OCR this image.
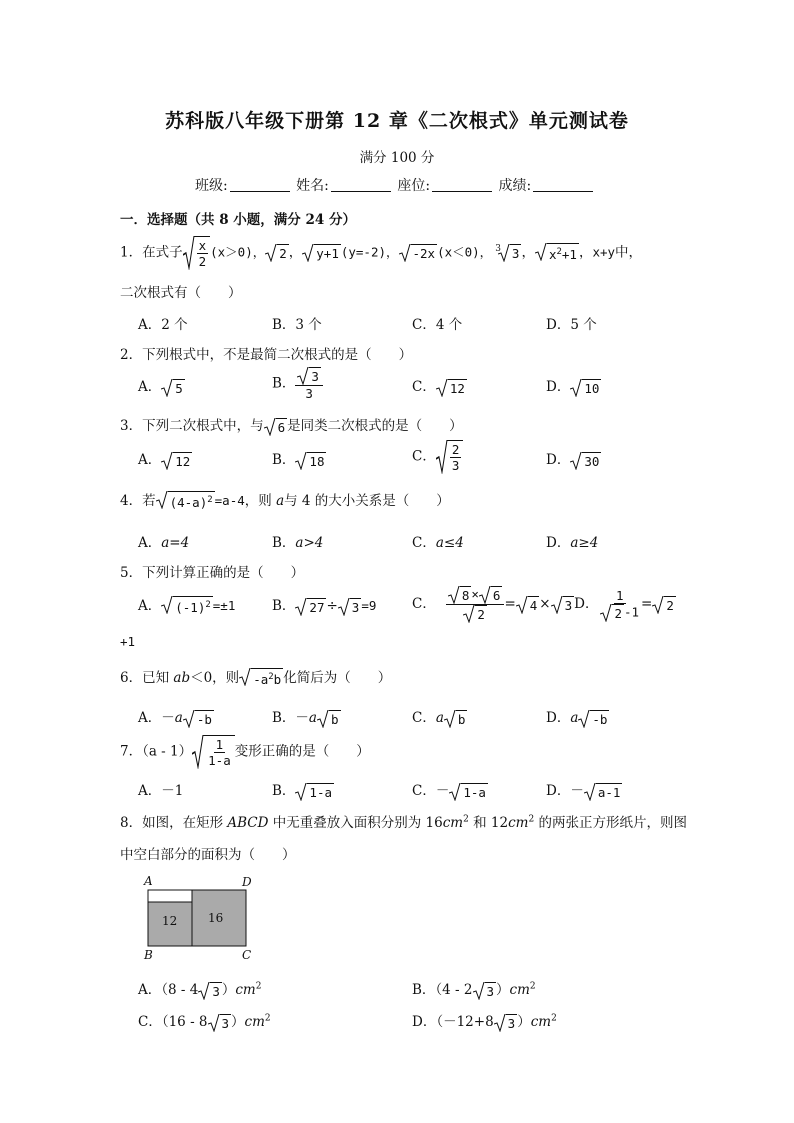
苏科版八年级下册第 12 章《二次根式》单元测试卷
满分 100 分
班级:	姓名:	座位:	成绩:
一．选择题（共 8 小题，满分 24 分）
1．在式子 $\frac{x}{2} (x>0)$， 2 ， y+1 (y=-2)， -2x (x＜0)， $^3$ 3 ， $x^2+1$ ，x+y中，
二次根式有（　　）
A．2 个	B．3 个	C．4 个	D．5 个
2．下列根式中，不是最简二次根式的是（　　）
A． 5	B． $\frac{3}{3}$	C． 12	D． 10
3．下列二次根式中，与 6 是同类二次根式的是（　　）
A． 12	B． 18	C． $\frac{2}{3}$	D． 30
4．若 $(4-a)^2 =a-4$，则 a与 4 的大小关系是（　　）
A．a=4	B．a>4	C．a≤4	D．a≥4
5．下列计算正确的是（　　）
A． $(-1)^2 =\pm 1$	B． 27 ÷ 3 =9	C． $\frac{8 \times 6}{2} = 4 \times 3$ D． $\frac{1}{2 -1} = 2$
+1
6．已知 ab＜0，则 $-a^2b$ 化简后为（　　）
A．－a -b	B．－a b	C．a b	D．a -b
7．$(a - 1) \frac{1}{1-a}$ 变形正确的是（　　）
A．－1	B． 1-a	C．－ 1-a	D．－ a-1
8．如图，在矩形 ABCD 中无重叠放入面积分别为 $16cm^2$ 和 $12cm^2$ 的两张正方形纸片，则图
中空白部分的面积为（　　）
A	D
B	C
12	16
A．（8 - 4 3 ）$cm^2$	B．（4 - 2 3 ）$cm^2$
C．（16 - 8 3 ）$cm^2$	D．（－12+8 3 ）$cm^2$
